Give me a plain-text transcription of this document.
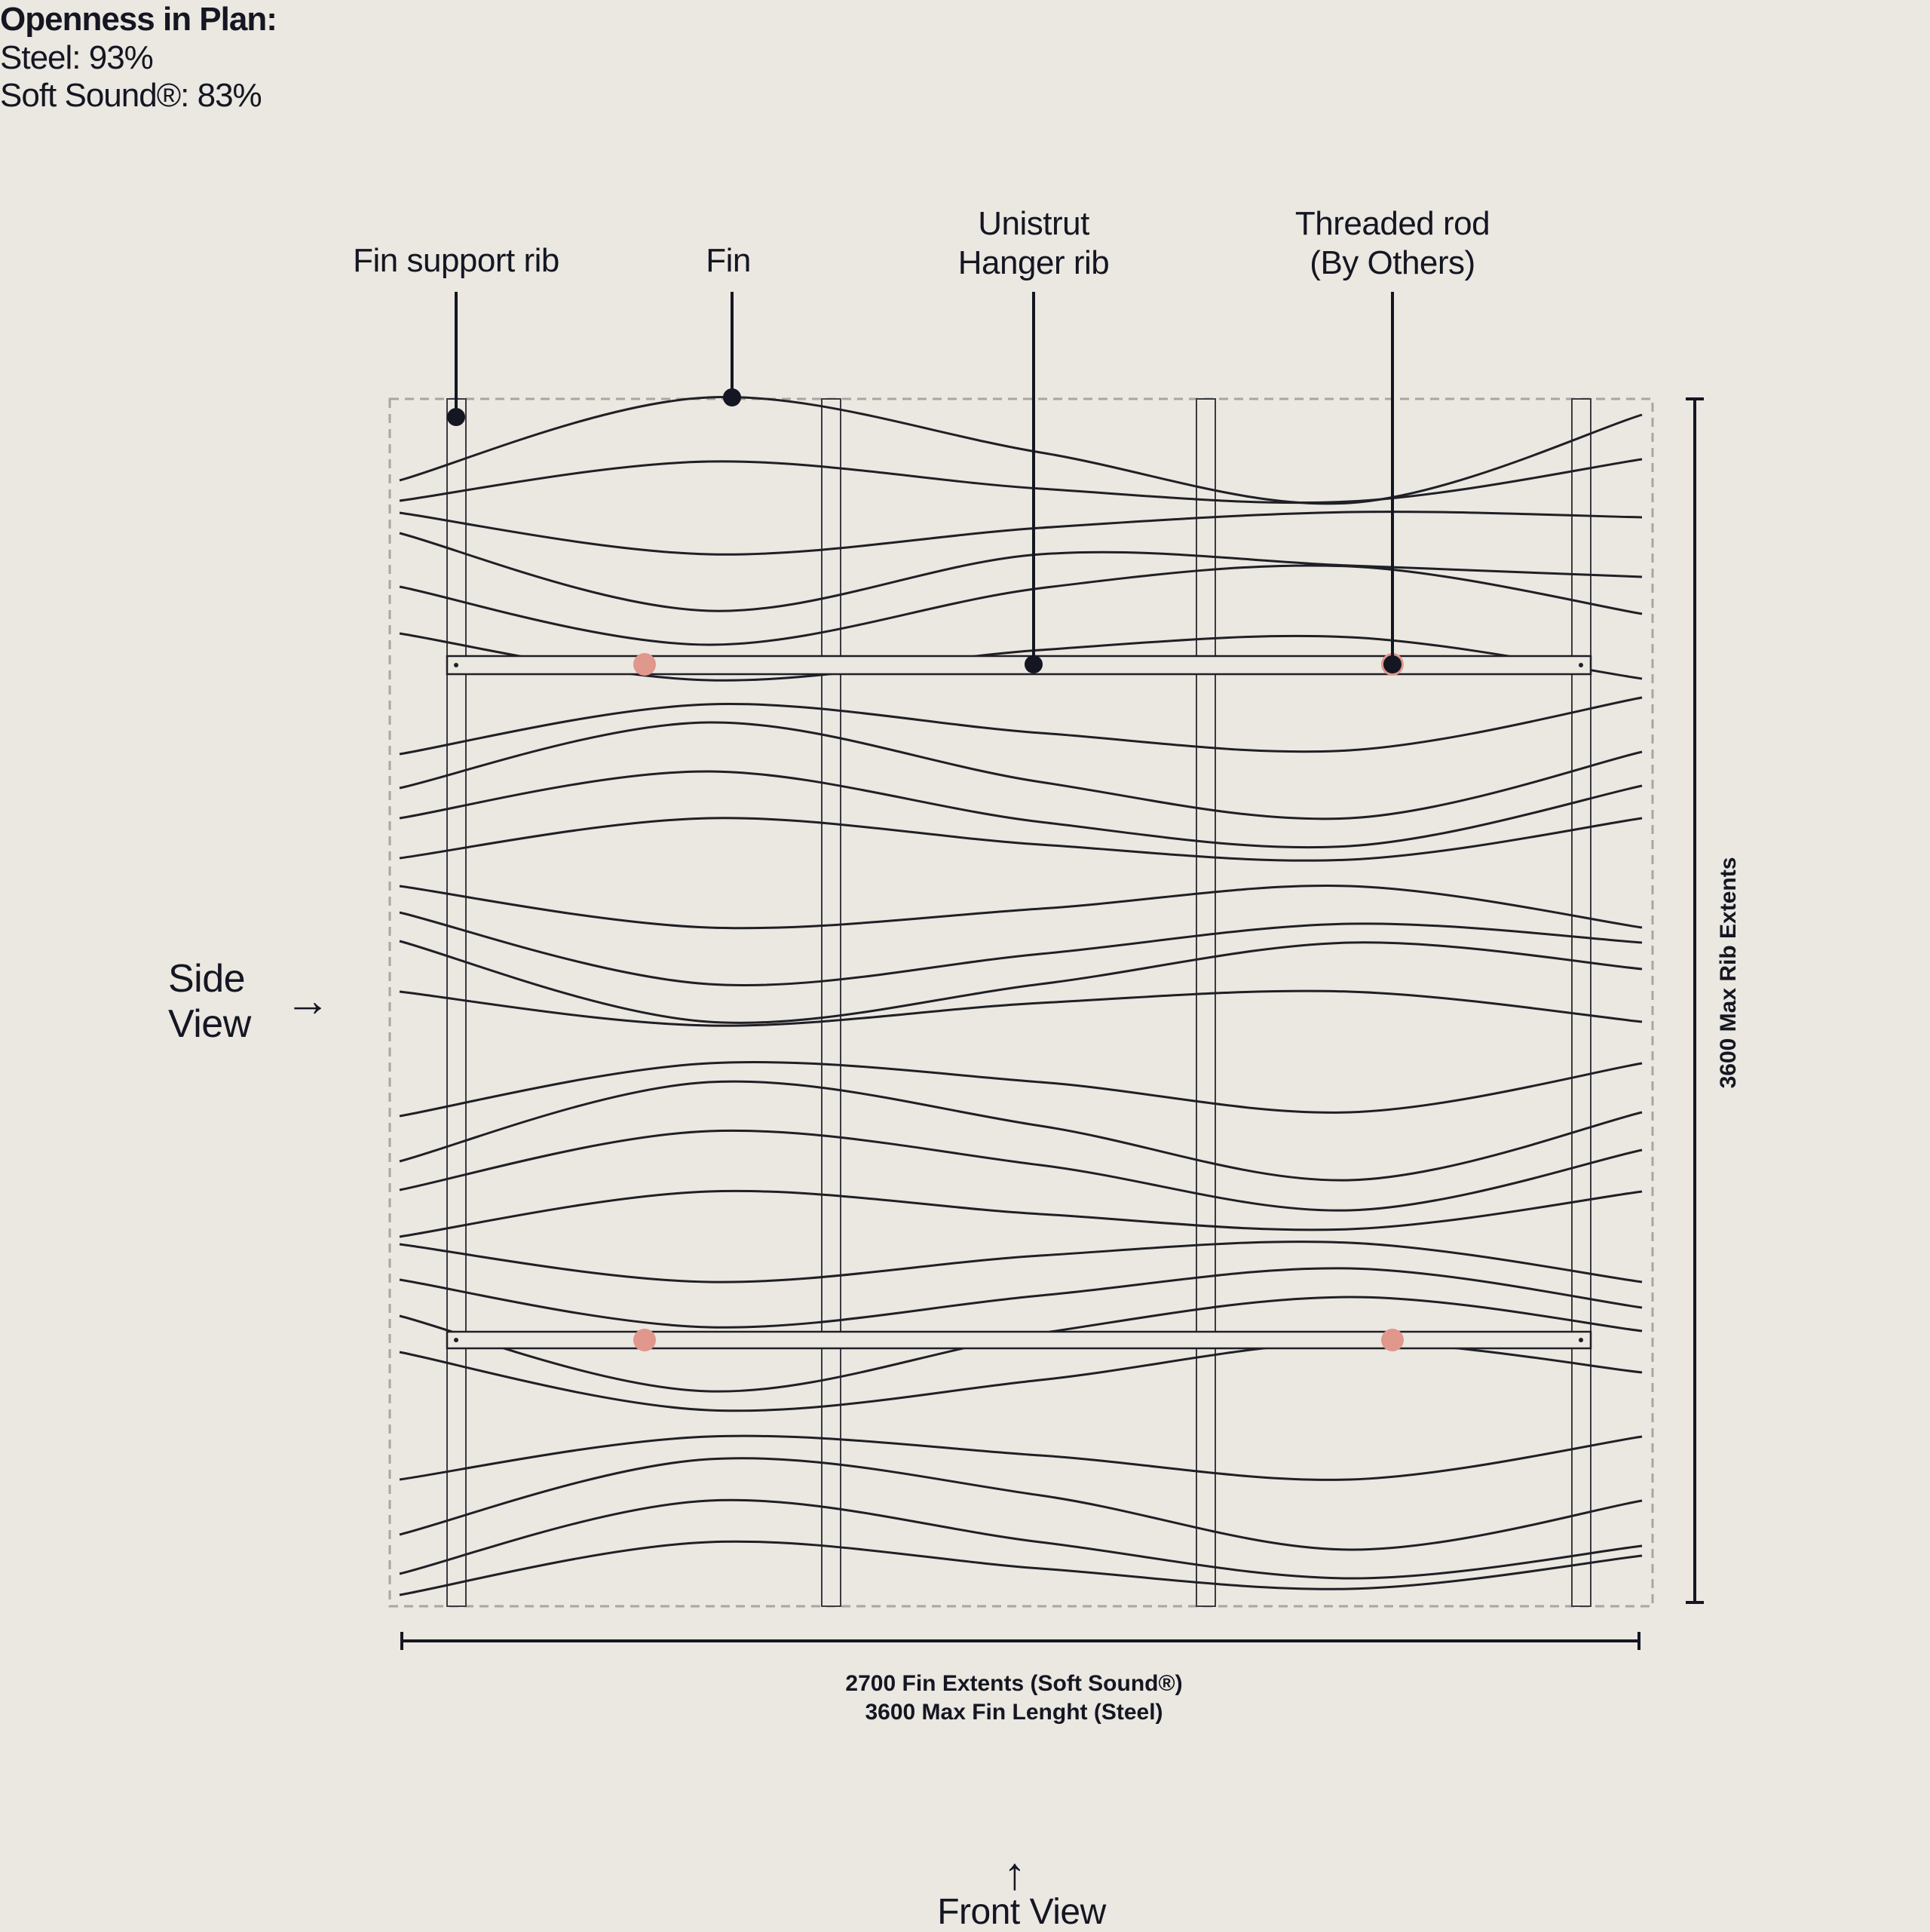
Openness in Plan:
Steel: 93%
Soft Sound®: 83%
Fin support rib	Fin
Unistrut
Hanger rib
Threaded rod
(By Others)
Side
View →
↑
Front View
2700 Fin Extents (Soft Sound®)
3600 Max Fin Lenght (Steel)
3600 Max Rib Extents
